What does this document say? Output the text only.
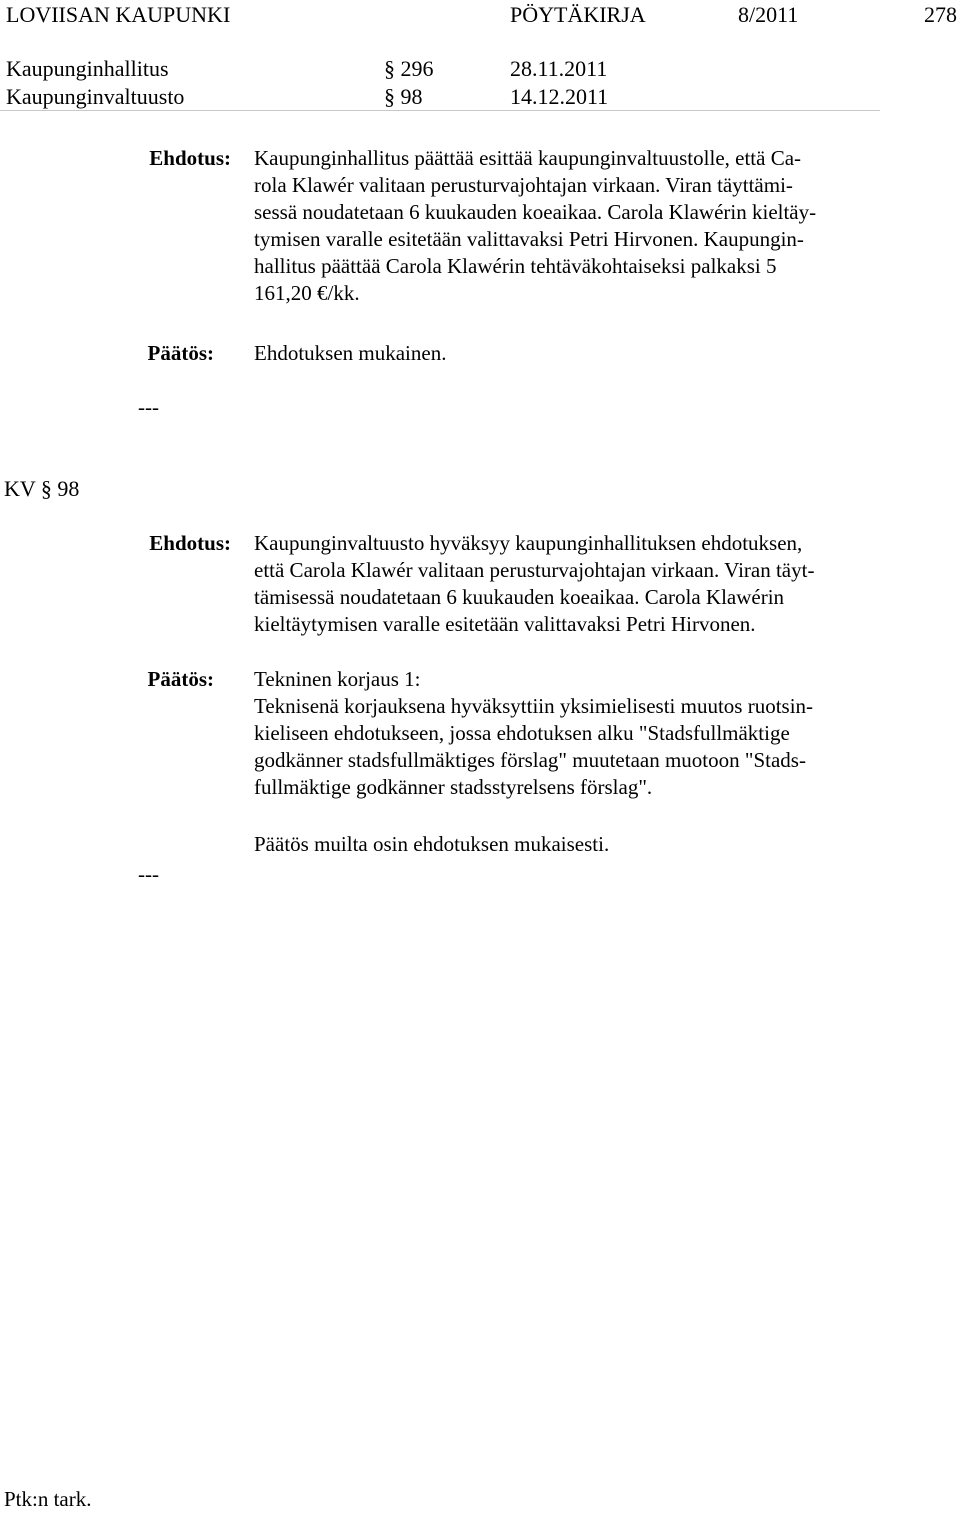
LOVIISAN KAUPUNKI	PÖYTÄKIRJA	8/2011	278
Kaupunginhallitus	§ 296	28.11.2011
Kaupunginvaltuusto	§ 98	14.12.2011
Ehdotus: Kaupunginhallitus päättää esittää kaupunginvaltuustolle, että Ca-
rola Klawér valitaan perusturvajohtajan virkaan. Viran täyttämi-
sessä noudatetaan 6 kuukauden koeaikaa. Carola Klawérin kieltäy-
tymisen varalle esitetään valittavaksi Petri Hirvonen. Kaupungin-
hallitus päättää Carola Klawérin tehtäväkohtaiseksi palkaksi 5
161,20 €/kk.
Päätös: Ehdotuksen mukainen.
---
KV § 98
Ehdotus: Kaupunginvaltuusto hyväksyy kaupunginhallituksen ehdotuksen,
että Carola Klawér valitaan perusturvajohtajan virkaan. Viran täyt-
tämisessä noudatetaan 6 kuukauden koeaikaa. Carola Klawérin
kieltäytymisen varalle esitetään valittavaksi Petri Hirvonen.
Päätös: Tekninen korjaus 1:
Teknisenä korjauksena hyväksyttiin yksimielisesti muutos ruotsin-
kieliseen ehdotukseen, jossa ehdotuksen alku "Stadsfullmäktige
godkänner stadsfullmäktiges förslag" muutetaan muotoon "Stads-
fullmäktige godkänner stadsstyrelsens förslag".
Päätös muilta osin ehdotuksen mukaisesti.
---
Ptk:n tark.
